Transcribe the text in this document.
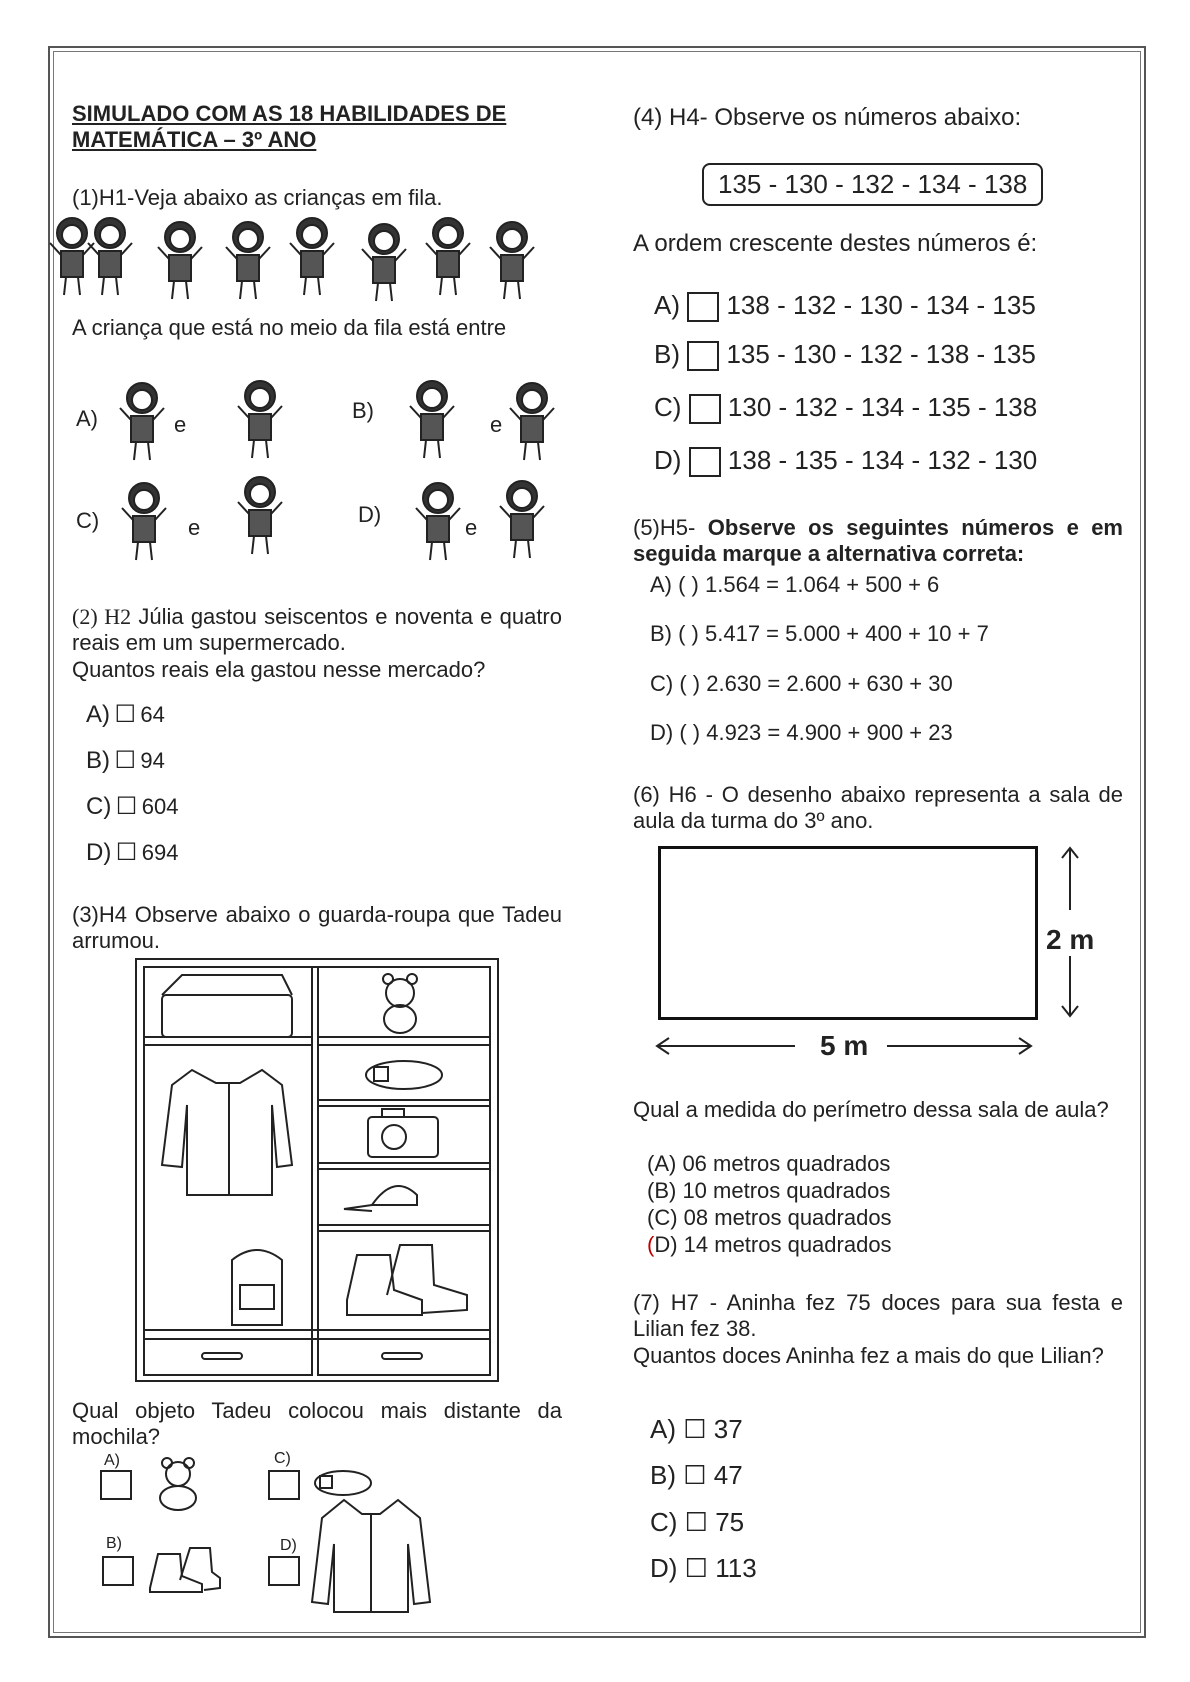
SIMULADO COM AS 18 HABILIDADES DE
MATEMÁTICA – 3º ANO
(1)H1-Veja abaixo as crianças em fila.
A criança que está no meio da fila está entre
A)	e
B)
e
C)	e
D)
e
(2) H2 Júlia gastou seiscentos e noventa e quatro reais em um supermercado.
Quantos reais ela gastou nesse mercado?
A) ☐ 64
B) ☐ 94
C) ☐ 604
D) ☐ 694
(3)H4 Observe abaixo o guarda-roupa que Tadeu arrumou.
Qual objeto Tadeu colocou mais distante da mochila?
A)	C)
B)	D)
(4) H4- Observe os números abaixo:
135 - 130 - 132 - 134 - 138
A ordem crescente destes números é:
A) 138 - 132 - 130 - 134 - 135
B) 135 - 130 - 132 - 138 - 135
C) 130 - 132 - 134 - 135 - 138
D) 138 - 135 - 134 - 132 - 130
(5)H5- Observe os seguintes números e em seguida marque a alternativa correta:
A) ( ) 1.564 = 1.064 + 500 + 6
B) ( ) 5.417 = 5.000 + 400 + 10 + 7
C) ( ) 2.630 = 2.600 + 630 + 30
D) ( ) 4.923 = 4.900 + 900 + 23
(6) H6 - O desenho abaixo representa a sala de aula da turma do 3º ano.
2 m
5 m
Qual a medida do perímetro dessa sala de aula?
(A) 06 metros quadrados
(B) 10 metros quadrados
(C) 08 metros quadrados
(D) 14 metros quadrados
(7) H7 - Aninha fez 75 doces para sua festa e Lilian fez 38.
Quantos doces Aninha fez a mais do que Lilian?
A) ☐ 37
B) ☐ 47
C) ☐ 75
D) ☐ 113
